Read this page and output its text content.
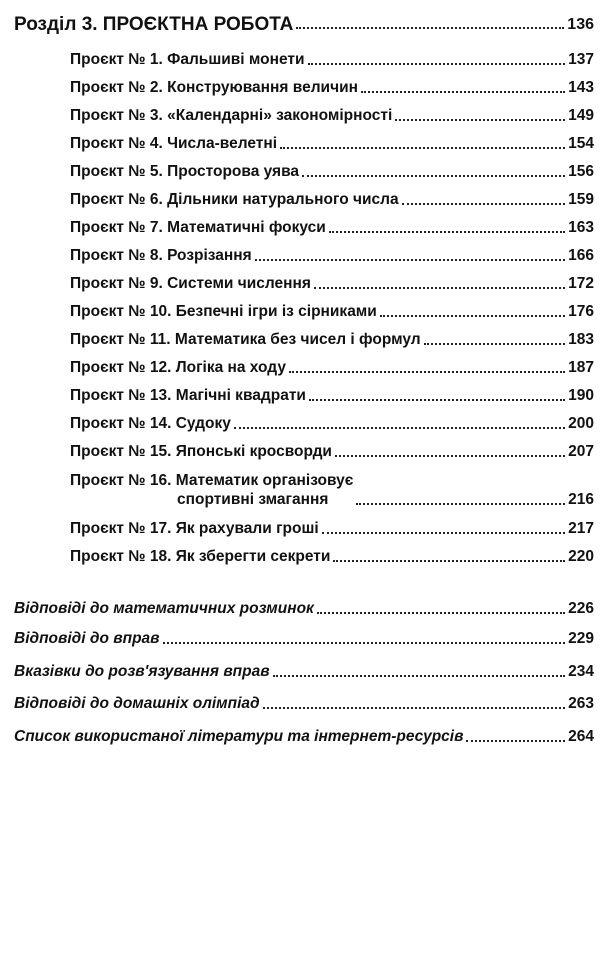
Розділ 3. ПРОЄКТНА РОБОТА	136
Проєкт № 1. Фальшиві монети	137
Проєкт № 2. Конструювання величин	143
Проєкт № 3. «Календарні» закономірності	149
Проєкт № 4. Числа-велетні	154
Проєкт № 5. Просторова уява	156
Проєкт № 6. Дільники натурального числа	159
Проєкт № 7. Математичні фокуси	163
Проєкт № 8. Розрізання	166
Проєкт № 9. Системи числення	172
Проєкт № 10. Безпечні ігри із сірниками	176
Проєкт № 11. Математика без чисел і формул	183
Проєкт № 12. Логіка на ходу	187
Проєкт № 13. Магічні квадрати	190
Проєкт № 14. Судоку	200
Проєкт № 15. Японські кросворди	207
Проєкт № 16. Математик організовує
спортивні змагання	216
Проєкт № 17. Як рахували гроші	217
Проєкт № 18. Як зберегти секрети	220
Відповіді до математичних розминок	226
Відповіді до вправ	229
Вказівки до розв'язування вправ	234
Відповіді до домашніх олімпіад	263
Список використаної літератури та інтернет-ресурсів	264
